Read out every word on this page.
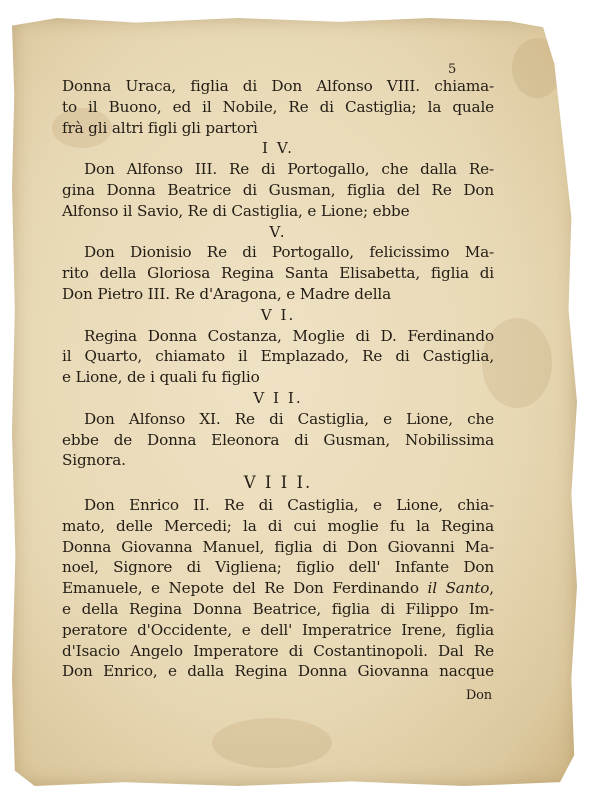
5
Donna Uraca, figlia di Don Alfonso VIII. chiama-
to il Buono, ed il Nobile, Re di Castiglia; la quale
frà gli altri figli gli partorì
I V.
Don Alfonso III. Re di Portogallo, che dalla Re-
gina Donna Beatrice di Gusman, figlia del Re Don
Alfonso il Savio, Re di Castiglia, e Lione; ebbe
V.
Don Dionisio Re di Portogallo, felicissimo Ma-
rito della Gloriosa Regina Santa Elisabetta, figlia di
Don Pietro III. Re d'Aragona, e Madre della
V I.
Regina Donna Costanza, Moglie di D. Ferdinando
il Quarto, chiamato il Emplazado, Re di Castiglia,
e Lione, de i quali fu figlio
V I I.
Don Alfonso XI. Re di Castiglia, e Lione, che
ebbe de Donna Eleonora di Gusman, Nobilissima
Signora.
V I I I.
Don Enrico II. Re di Castiglia, e Lione, chia-
mato, delle Mercedi; la di cui moglie fu la Regina
Donna Giovanna Manuel, figlia di Don Giovanni Ma-
noel, Signore di Vigliena; figlio dell' Infante Don
Emanuele, e Nepote del Re Don Ferdinando il Santo,
e della Regina Donna Beatrice, figlia di Filippo Im-
peratore d'Occidente, e dell' Imperatrice Irene, figlia
d'Isacio Angelo Imperatore di Costantinopoli. Dal Re
Don Enrico, e dalla Regina Donna Giovanna nacque
Don
